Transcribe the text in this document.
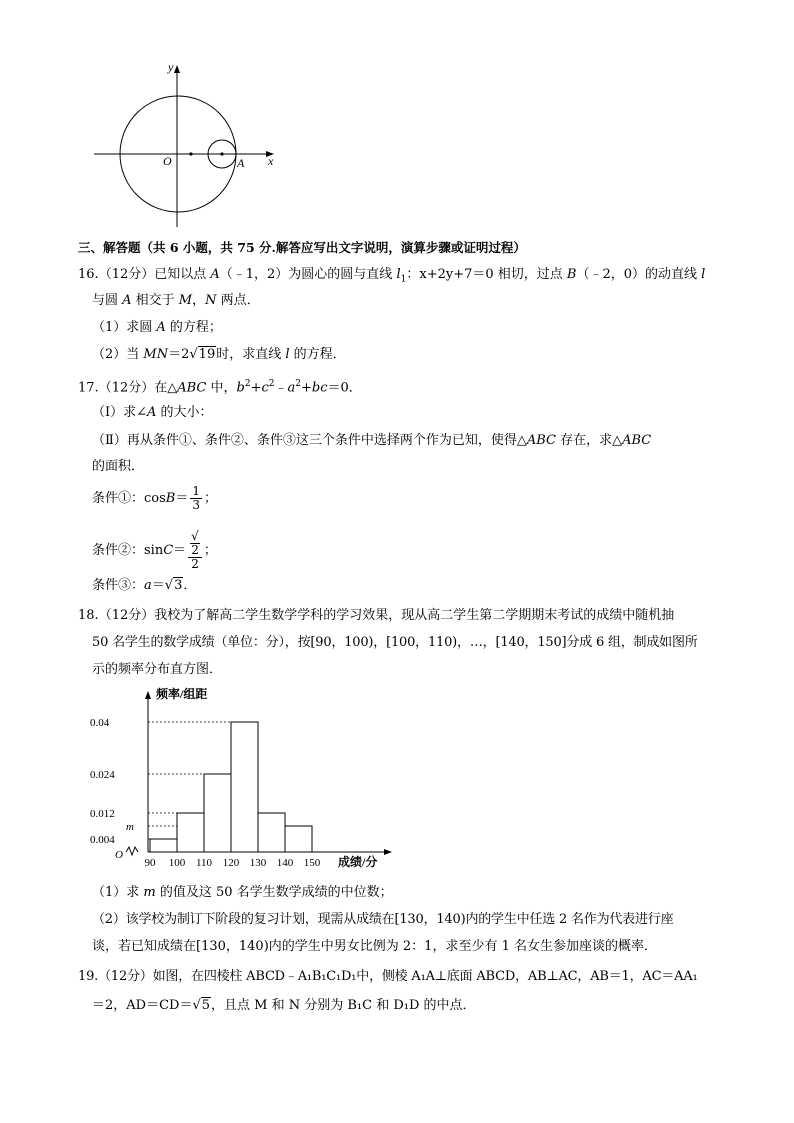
y
x
O	A
三、解答题（共 6 小题，共 75 分.解答应写出文字说明，演算步骤或证明过程）
16.（12分）已知以点 A（﹣1，2）为圆心的圆与直线 $l_1$：x+2y+7＝0 相切，过点 B（﹣2，0）的动直线 l
与圆 A 相交于 M，N 两点．
（1）求圆 A 的方程；
（2）当 MN＝2√19时，求直线 l 的方程．
17.（12分）在△ABC 中，$b^2+c^2﹣a^2+bc=0$．
（Ⅰ）求∠A 的大小：
（Ⅱ）再从条件①、条件②、条件③这三个条件中选择两个作为已知，使得△ABC 存在，求△ABC
的面积．
条件①：$\cos B= \frac{1}{3}$ ；
条件②：sinC＝ √
2
2 ；
条件③：a＝√3．
18.（12分）我校为了解高二学生数学学科的学习效果，现从高二学生第二学期期末考试的成绩中随机抽
50 名学生的数学成绩（单位：分），按[90，100)，[100，110)，…，[140，150]分成 6 组，制成如图所
示的频率分布直方图．
频率/组距
成绩/分
O
0.04
0.024
0.012
m
0.004
90 100 110 120 130 140 150
（1）求 m 的值及这 50 名学生数学成绩的中位数；
（2）该学校为制订下阶段的复习计划，现需从成绩在[130，140)内的学生中任选 2 名作为代表进行座
谈，若已知成绩在[130，140)内的学生中男女比例为 2：1，求至少有 1 名女生参加座谈的概率．
19.（12分）如图，在四棱柱 ABCD﹣A₁B₁C₁D₁中，侧棱 A₁A⊥底面 ABCD，AB⊥AC，AB＝1，AC＝AA₁
＝2，AD＝CD＝√5，且点 M 和 N 分别为 B₁C 和 D₁D 的中点．
